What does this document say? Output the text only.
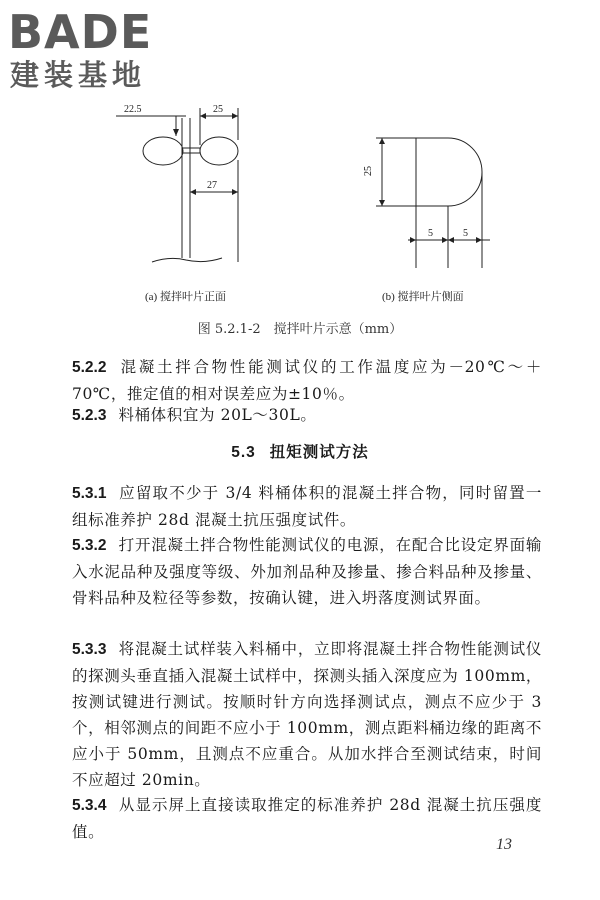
BADE
建装基地
22.5	25
27
25
5	5
(a) 搅拌叶片正面	(b) 搅拌叶片侧面
图 5.2.1-2　搅拌叶片示意（mm）
5.2.2 混凝土拌合物性能测试仪的工作温度应为－20℃～＋70℃，推定值的相对误差应为±10％。
5.2.3 料桶体积宜为 20L～30L。
5.3 扭矩测试方法
5.3.1 应留取不少于 3/4 料桶体积的混凝土拌合物，同时留置一组标准养护 28d 混凝土抗压强度试件。
5.3.2 打开混凝土拌合物性能测试仪的电源，在配合比设定界面输入水泥品种及强度等级、外加剂品种及掺量、掺合料品种及掺量、骨料品种及粒径等参数，按确认键，进入坍落度测试界面。
5.3.3 将混凝土试样装入料桶中，立即将混凝土拌合物性能测试仪的探测头垂直插入混凝土试样中，探测头插入深度应为 100mm，按测试键进行测试。按顺时针方向选择测试点，测点不应少于 3 个，相邻测点的间距不应小于 100mm，测点距料桶边缘的距离不应小于 50mm，且测点不应重合。从加水拌合至测试结束，时间不应超过 20min。
5.3.4 从显示屏上直接读取推定的标准养护 28d 混凝土抗压强度值。
13
